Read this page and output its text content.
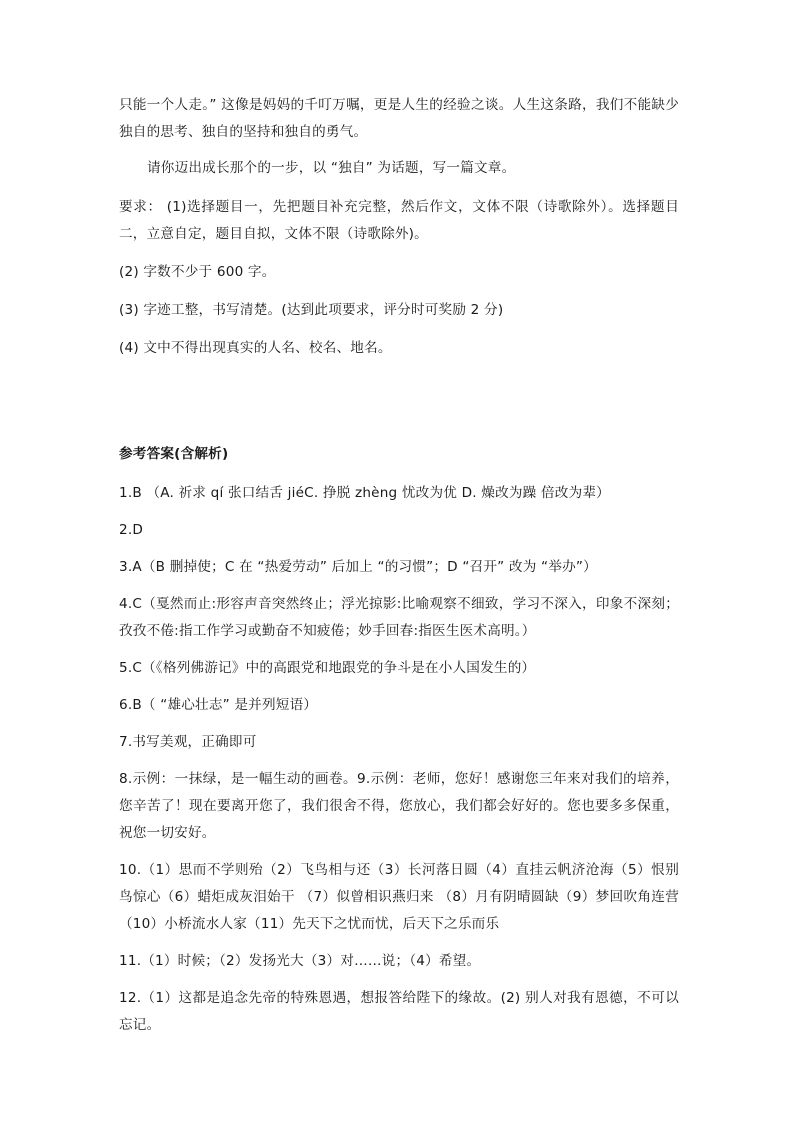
只能一个人走。” 这像是妈妈的千叮万嘱，更是人生的经验之谈。人生这条路，我们不能缺少独自的思考、独自的坚持和独自的勇气。

请你迈出成长那个的一步，以 “独自” 为话题，写一篇文章。

要求： (1)选择题目一，先把题目补充完整，然后作文，文体不限（诗歌除外）。选择题目二，立意自定，题目自拟，文体不限（诗歌除外)。

(2) 字数不少于 600 字。

(3) 字迹工整，书写清楚。(达到此项要求，评分时可奖励 2 分)

(4) 文中不得出现真实的人名、校名、地名。

参考答案(含解析)

1.B （A. 祈求 qí 张口结舌 jiéC. 挣脱 zhèng 忧改为优 D. 燥改为躁 倍改为辈）

2.D

3.A（B 删掉使；C 在 “热爱劳动” 后加上 “的习惯”；D “召开” 改为 “举办”）

4.C（戛然而止:形容声音突然终止；浮光掠影:比喻观察不细致，学习不深入，印象不深刻；孜孜不倦:指工作学习或勤奋不知疲倦；妙手回春:指医生医术高明。）

5.C（《格列佛游记》中的高跟党和地跟党的争斗是在小人国发生的）

6.B（ “雄心壮志” 是并列短语）

7.书写美观，正确即可

8.示例：一抹绿，是一幅生动的画卷。9.示例：老师，您好！感谢您三年来对我们的培养，您辛苦了！现在要离开您了，我们很舍不得，您放心，我们都会好好的。您也要多多保重，祝您一切安好。

10.（1）思而不学则殆（2）飞鸟相与还（3）长河落日圆（4）直挂云帆济沧海（5）恨别鸟惊心（6）蜡炬成灰泪始干 （7）似曾相识燕归来 （8）月有阴晴圆缺（9）梦回吹角连营（10）小桥流水人家（11）先天下之忧而忧，后天下之乐而乐

11.（1）时候；（2）发扬光大（3）对……说；（4）希望。

12.（1）这都是追念先帝的特殊恩遇，想报答给陛下的缘故。(2) 别人对我有恩德，不可以忘记。
